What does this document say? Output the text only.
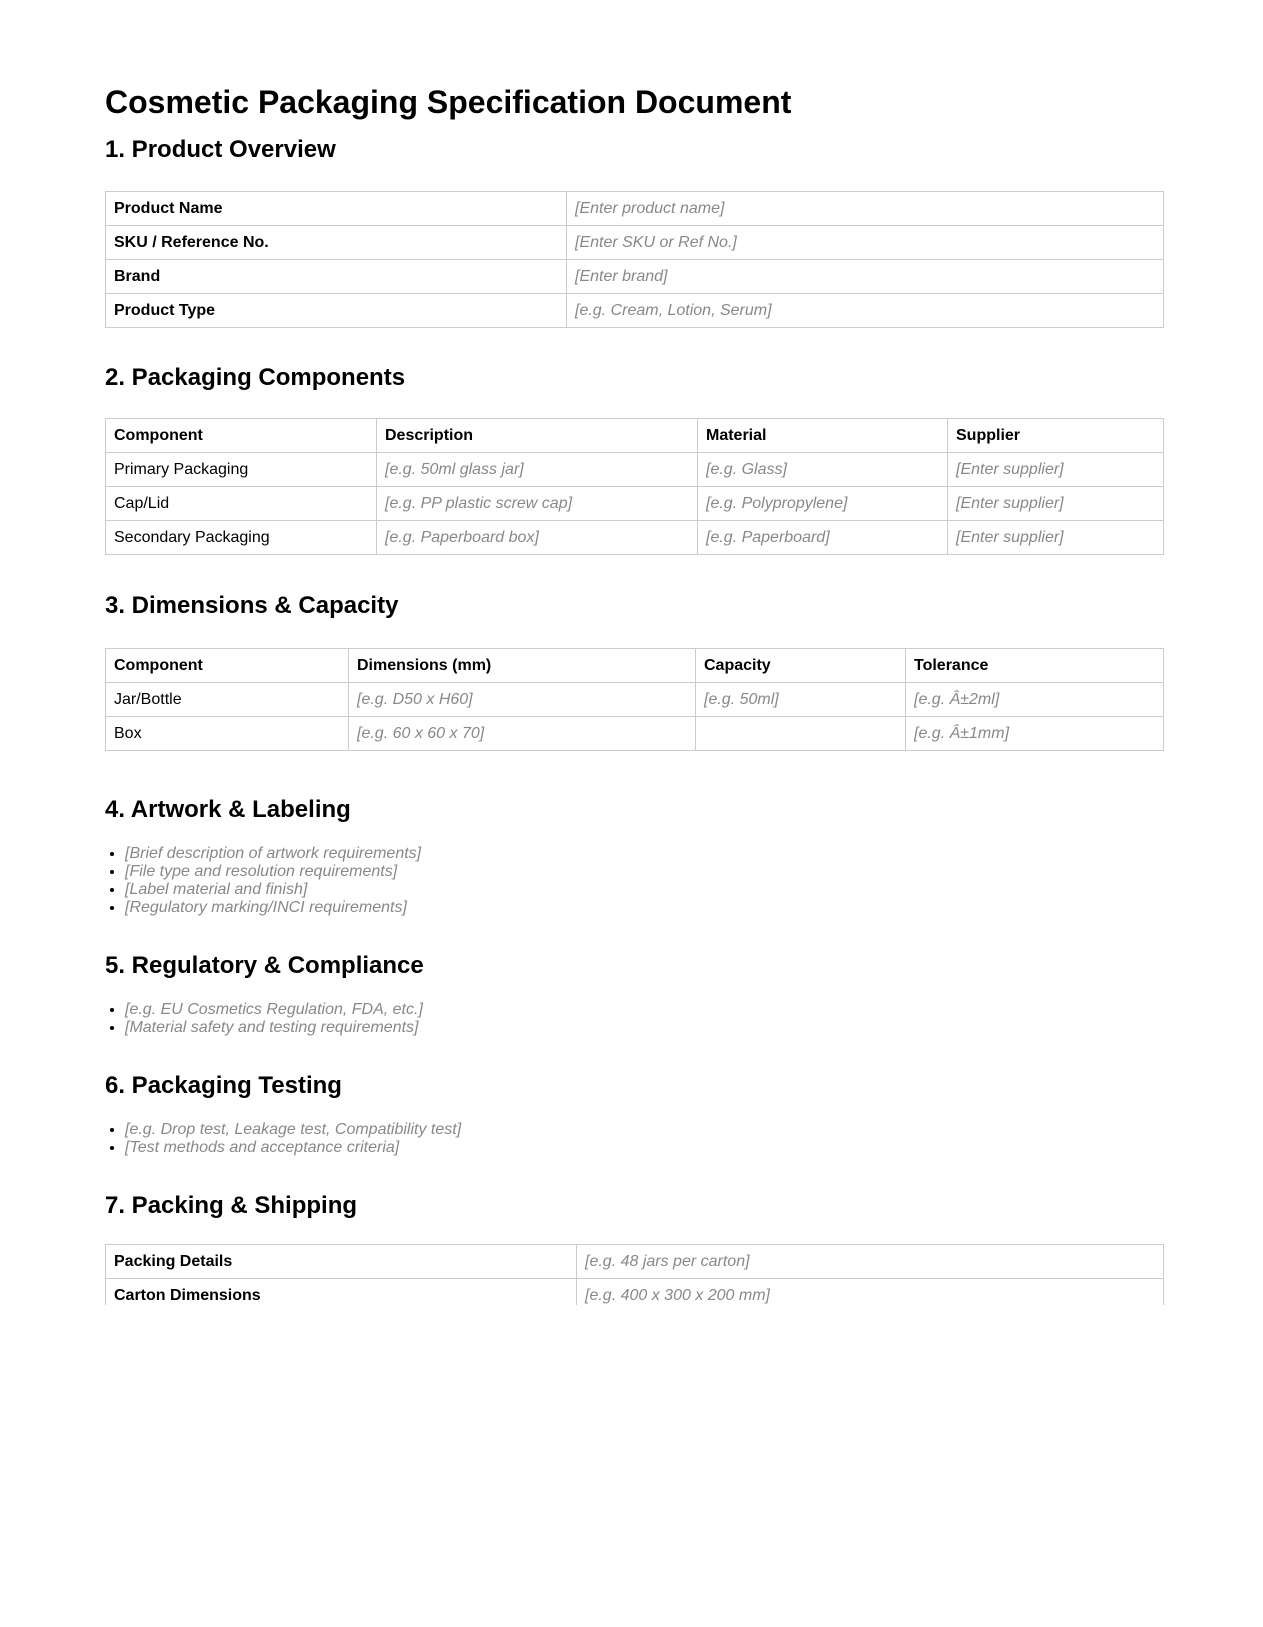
Cosmetic Packaging Specification Document
1. Product Overview
Product Name	[Enter product name]
SKU / Reference No.	[Enter SKU or Ref No.]
Brand	[Enter brand]
Product Type	[e.g. Cream, Lotion, Serum]
2. Packaging Components
Component	Description	Material	Supplier
Primary Packaging	[e.g. 50ml glass jar]	[e.g. Glass]	[Enter supplier]
Cap/Lid	[e.g. PP plastic screw cap]	[e.g. Polypropylene]	[Enter supplier]
Secondary Packaging	[e.g. Paperboard box]	[e.g. Paperboard]	[Enter supplier]
3. Dimensions & Capacity
Component	Dimensions (mm)	Capacity	Tolerance
Jar/Bottle	[e.g. D50 x H60]	[e.g. 50ml]	[e.g. Â±2ml]
Box	[e.g. 60 x 60 x 70]		[e.g. Â±1mm]
4. Artwork & Labeling
• [Brief description of artwork requirements]
• [File type and resolution requirements]
• [Label material and finish]
• [Regulatory marking/INCI requirements]
5. Regulatory & Compliance
• [e.g. EU Cosmetics Regulation, FDA, etc.]
• [Material safety and testing requirements]
6. Packaging Testing
• [e.g. Drop test, Leakage test, Compatibility test]
• [Test methods and acceptance criteria]
7. Packing & Shipping
Packing Details	[e.g. 48 jars per carton]
Carton Dimensions	[e.g. 400 x 300 x 200 mm]
